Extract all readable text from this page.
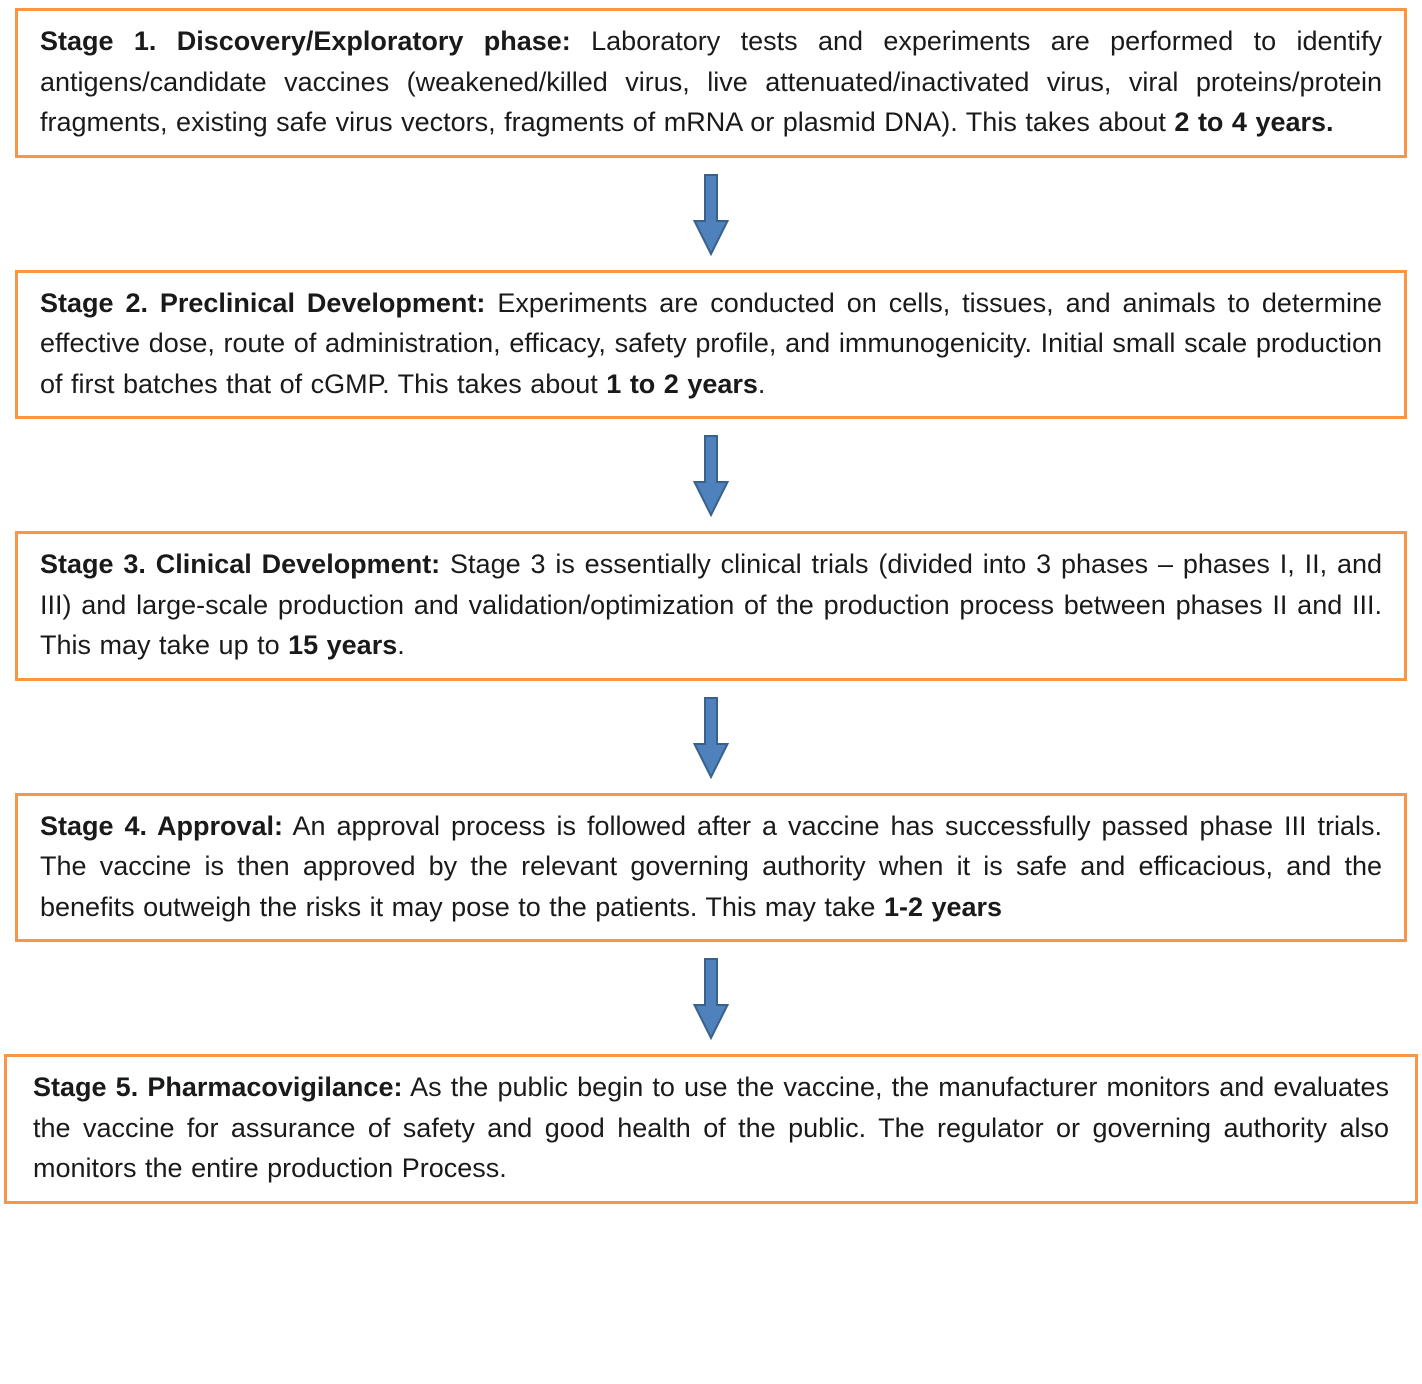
Stage 1. Discovery/Exploratory phase: Laboratory tests and experiments are performed to identify antigens/candidate vaccines (weakened/killed virus, live attenuated/inactivated virus, viral proteins/protein fragments, existing safe virus vectors, fragments of mRNA or plasmid DNA). This takes about 2 to 4 years.

Stage 2. Preclinical Development: Experiments are conducted on cells, tissues, and animals to determine effective dose, route of administration, efficacy, safety profile, and immunogenicity. Initial small scale production of first batches that of cGMP. This takes about 1 to 2 years.

Stage 3. Clinical Development: Stage 3 is essentially clinical trials (divided into 3 phases – phases I, II, and III) and large-scale production and validation/optimization of the production process between phases II and III. This may take up to 15 years.

Stage 4. Approval: An approval process is followed after a vaccine has successfully passed phase III trials. The vaccine is then approved by the relevant governing authority when it is safe and efficacious, and the benefits outweigh the risks it may pose to the patients. This may take 1-2 years

Stage 5. Pharmacovigilance: As the public begin to use the vaccine, the manufacturer monitors and evaluates the vaccine for assurance of safety and good health of the public. The regulator or governing authority also monitors the entire production Process.
